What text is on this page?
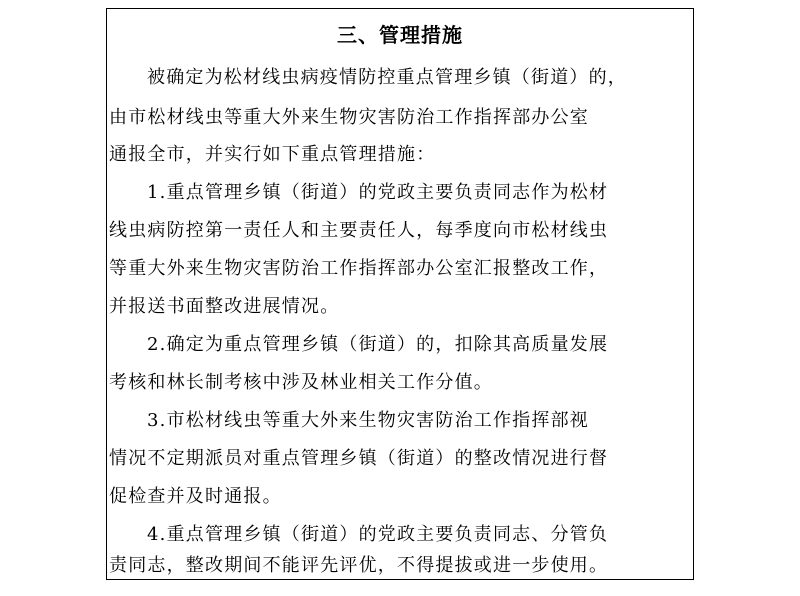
三、管理措施
被确定为松材线虫病疫情防控重点管理乡镇（街道）的，
由市松材线虫等重大外来生物灾害防治工作指挥部办公室
通报全市，并实行如下重点管理措施：
1.重点管理乡镇（街道）的党政主要负责同志作为松材
线虫病防控第一责任人和主要责任人，每季度向市松材线虫
等重大外来生物灾害防治工作指挥部办公室汇报整改工作，
并报送书面整改进展情况。
2.确定为重点管理乡镇（街道）的，扣除其高质量发展
考核和林长制考核中涉及林业相关工作分值。
3.市松材线虫等重大外来生物灾害防治工作指挥部视
情况不定期派员对重点管理乡镇（街道）的整改情况进行督
促检查并及时通报。
4.重点管理乡镇（街道）的党政主要负责同志、分管负
责同志，整改期间不能评先评优，不得提拔或进一步使用。
